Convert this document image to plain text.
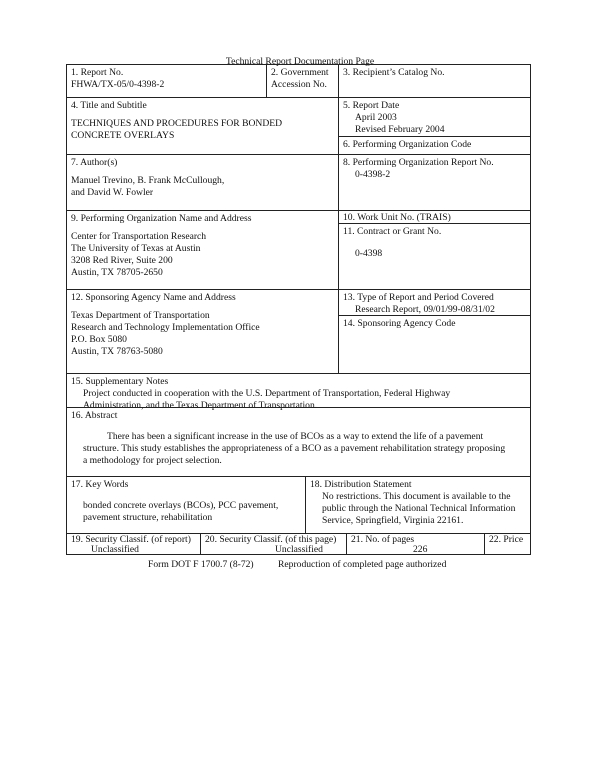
Technical Report Documentation Page
1. Report No.
FHWA/TX-05/0-4398-2
2. Government
Accession No.
3. Recipient’s Catalog No.
4. Title and Subtitle
TECHNIQUES AND PROCEDURES FOR BONDED
CONCRETE OVERLAYS
5. Report Date
April 2003
Revised February 2004
6. Performing Organization Code
7. Author(s)
Manuel Trevino, B. Frank McCullough,
and David W. Fowler
8. Performing Organization Report No.
0-4398-2
9. Performing Organization Name and Address
Center for Transportation Research
The University of Texas at Austin
3208 Red River, Suite 200
Austin, TX 78705-2650
10. Work Unit No. (TRAIS)
11. Contract or Grant No.
0-4398
12. Sponsoring Agency Name and Address
Texas Department of Transportation
Research and Technology Implementation Office
P.O. Box 5080
Austin, TX 78763-5080
13. Type of Report and Period Covered
Research Report, 09/01/99-08/31/02
14. Sponsoring Agency Code
15. Supplementary Notes
Project conducted in cooperation with the U.S. Department of Transportation, Federal Highway
Administration, and the Texas Department of Transportation.
16. Abstract
There has been a significant increase in the use of BCOs as a way to extend the life of a pavement
structure. This study establishes the appropriateness of a BCO as a pavement rehabilitation strategy proposing
a methodology for project selection.
17. Key Words
bonded concrete overlays (BCOs), PCC pavement,
pavement structure, rehabilitation
18. Distribution Statement
No restrictions. This document is available to the
public through the National Technical Information
Service, Springfield, Virginia 22161.
19. Security Classif. (of report)
Unclassified
20. Security Classif. (of this page)
Unclassified
21. No. of pages
226
22. Price
Form DOT F 1700.7 (8-72)	Reproduction of completed page authorized
